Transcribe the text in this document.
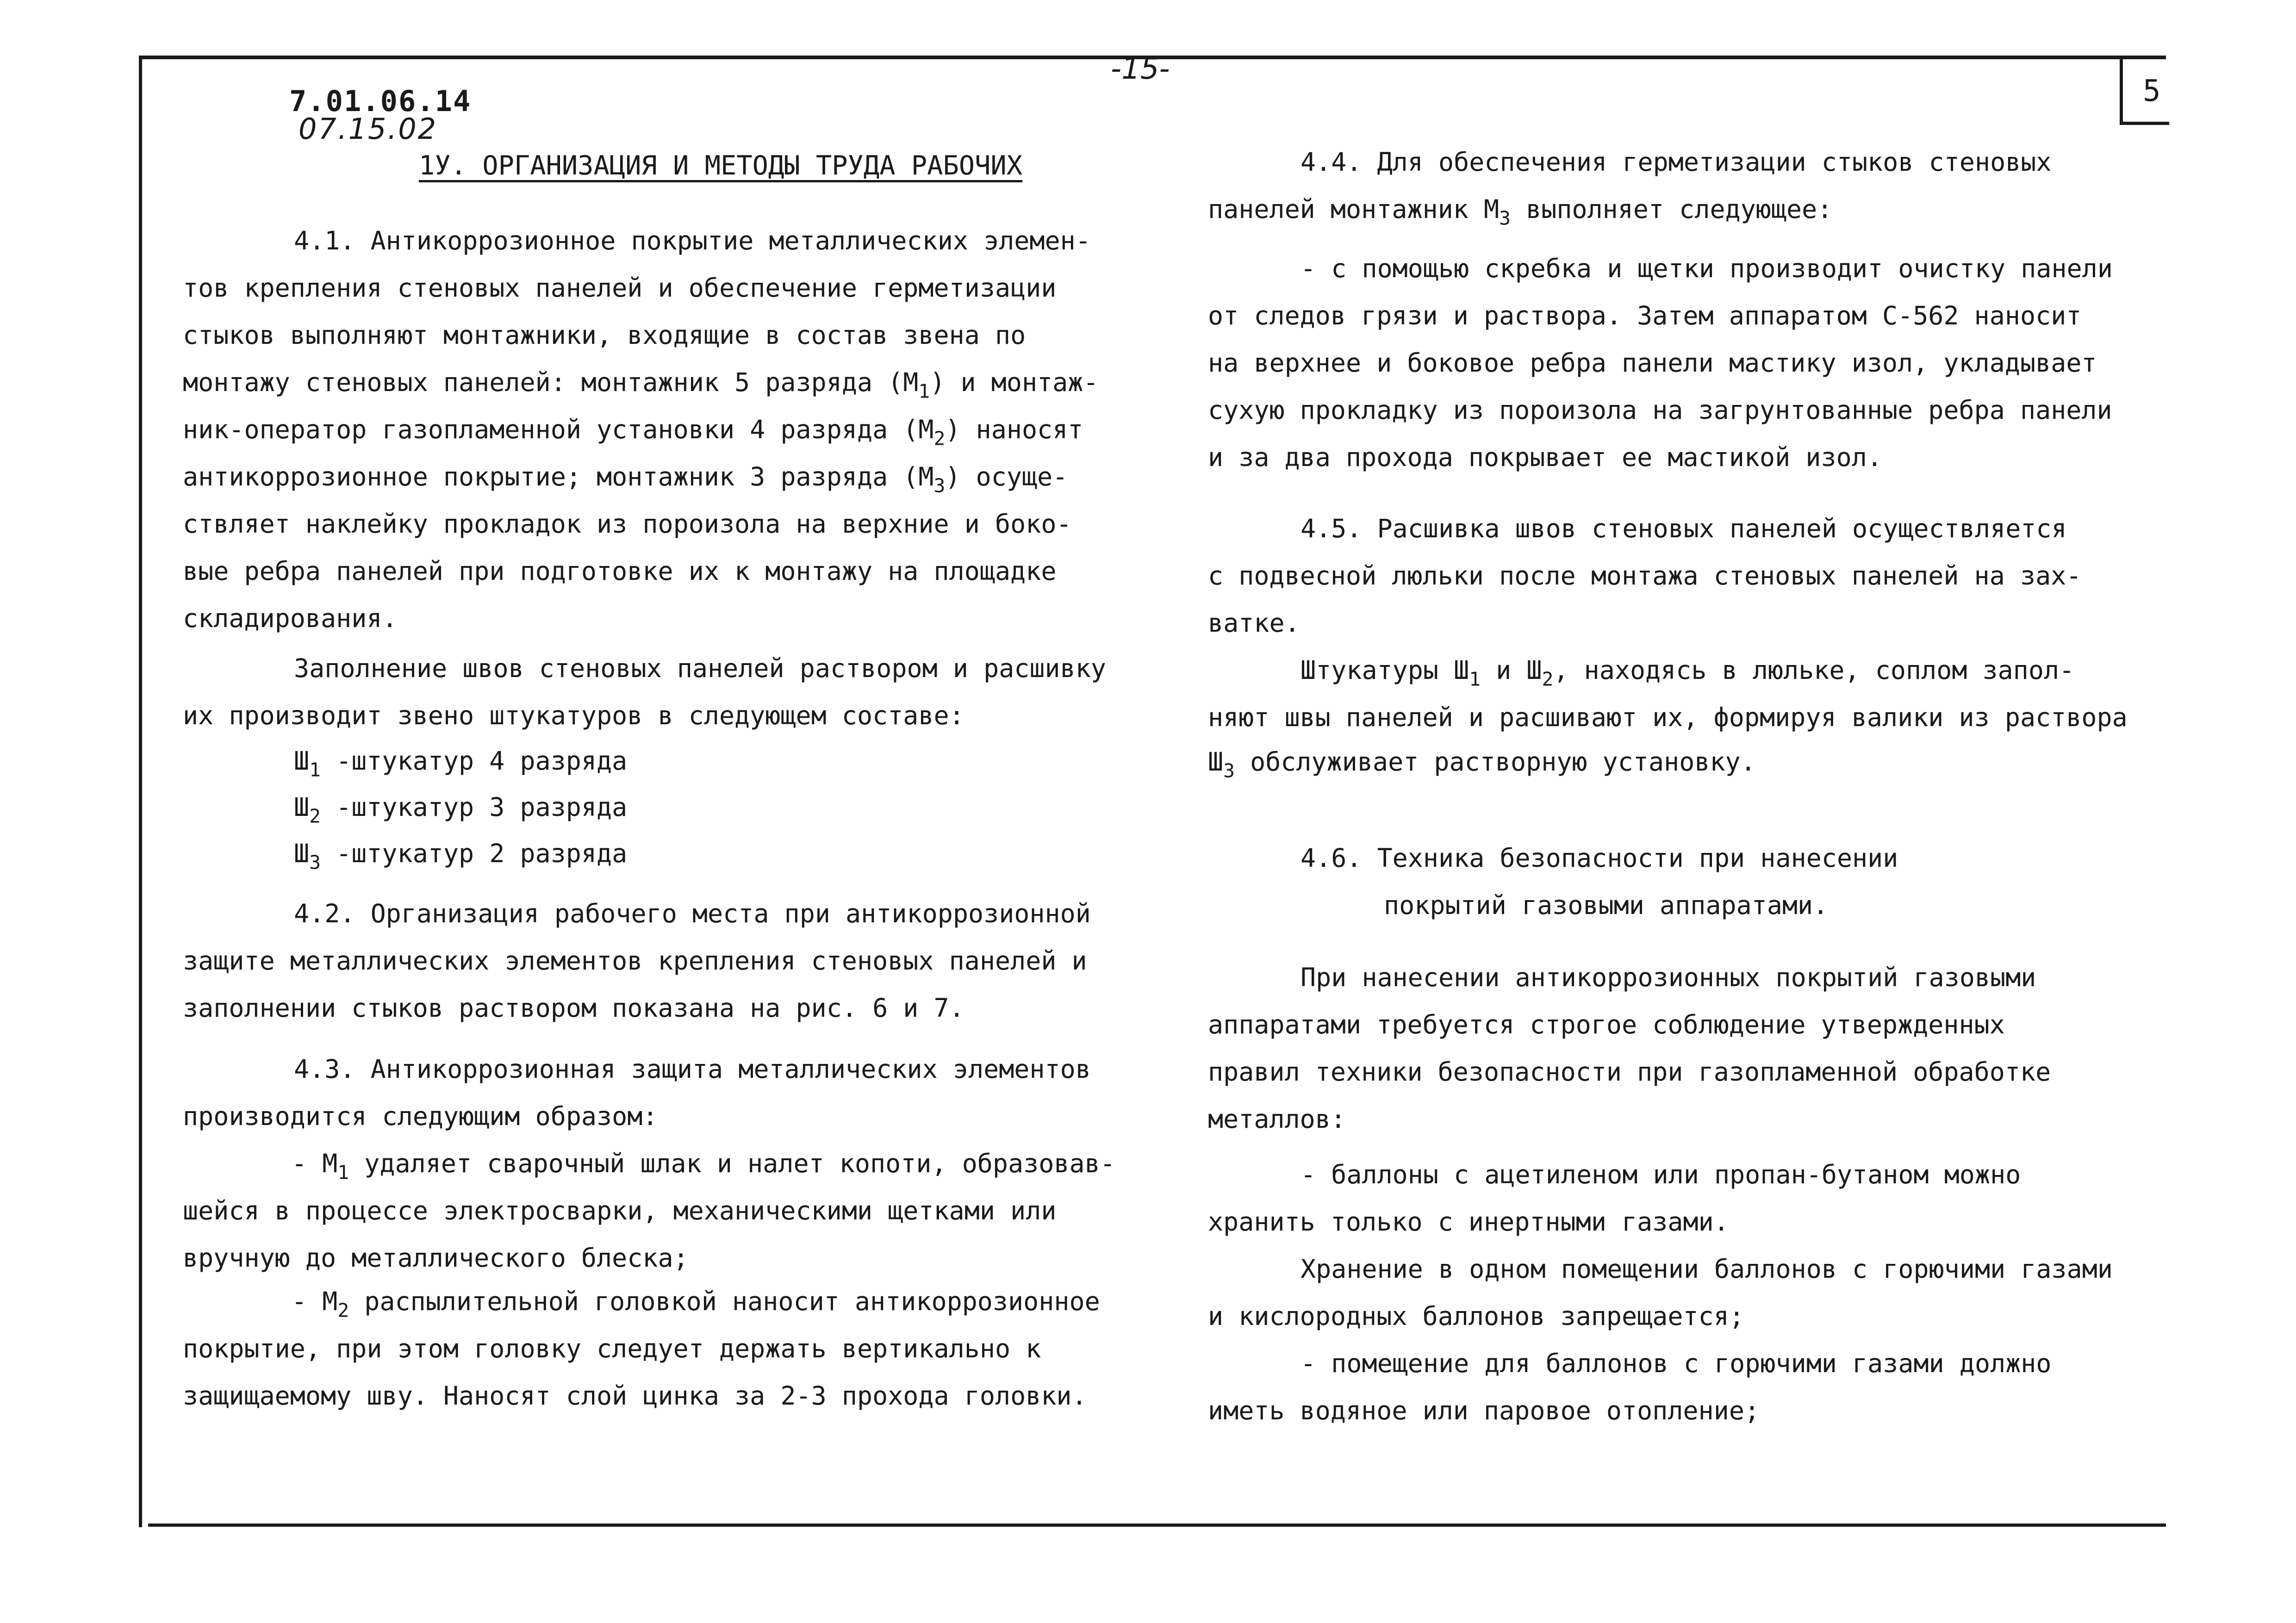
5
7.01.06.14
07.15.02
-15-
1У. ОРГАНИЗАЦИЯ И МЕТОДЫ ТРУДА РАБОЧИХ

4.1. Антикоррозионное покрытие металлических элемен-

тов крепления стеновых панелей и обеспечение герметизации

стыков выполняют монтажники, входящие в состав звена по

монтажу стеновых панелей: монтажник 5 разряда $(М_1)$ и монтаж-

ник-оператор газопламенной установки 4 разряда $(М_2)$ наносят

антикоррозионное покрытие; монтажник 3 разряда $(М_3)$ осуще-

ствляет наклейку прокладок из пороизола на верхние и боко-

вые ребра панелей при подготовке их к монтажу на площадке

складирования.

Заполнение швов стеновых панелей раствором и расшивку

их производит звено штукатуров в следующем составе:

$Ш_1$ -штукатур 4 разряда

$Ш_2$ -штукатур 3 разряда

$Ш_3$ -штукатур 2 разряда

4.2. Организация рабочего места при антикоррозионной

защите металлических элементов крепления стеновых панелей и

заполнении стыков раствором показана на рис. 6 и 7.

4.3. Антикоррозионная защита металлических элементов

производится следующим образом:

- $М_1$ удаляет сварочный шлак и налет копоти, образовав-

шейся в процессе электросварки, механическими щетками или

вручную до металлического блеска;

- $М_2$ распылительной головкой наносит антикоррозионное

покрытие, при этом головку следует держать вертикально к

защищаемому шву. Наносят слой цинка за 2-3 прохода головки.

4.4. Для обеспечения герметизации стыков стеновых

панелей монтажник $М_3$ выполняет следующее:

- с помощью скребка и щетки производит очистку панели

от следов грязи и раствора. Затем аппаратом С-562 наносит

на верхнее и боковое ребра панели мастику изол, укладывает

сухую прокладку из пороизола на загрунтованные ребра панели

и за два прохода покрывает ее мастикой изол.

4.5. Расшивка швов стеновых панелей осуществляется

с подвесной люльки после монтажа стеновых панелей на зах-

ватке.

Штукатуры $Ш_1$ и $Ш_2$, находясь в люльке, соплом запол-

няют швы панелей и расшивают их, формируя валики из раствора

$Ш_3$ обслуживает растворную установку.

4.6. Техника безопасности при нанесении

покрытий газовыми аппаратами.

При нанесении антикоррозионных покрытий газовыми

аппаратами требуется строгое соблюдение утвержденных

правил техники безопасности при газопламенной обработке

металлов:

- баллоны с ацетиленом или пропан-бутаном можно

хранить только с инертными газами.

Хранение в одном помещении баллонов с горючими газами

и кислородных баллонов запрещается;

- помещение для баллонов с горючими газами должно

иметь водяное или паровое отопление;
